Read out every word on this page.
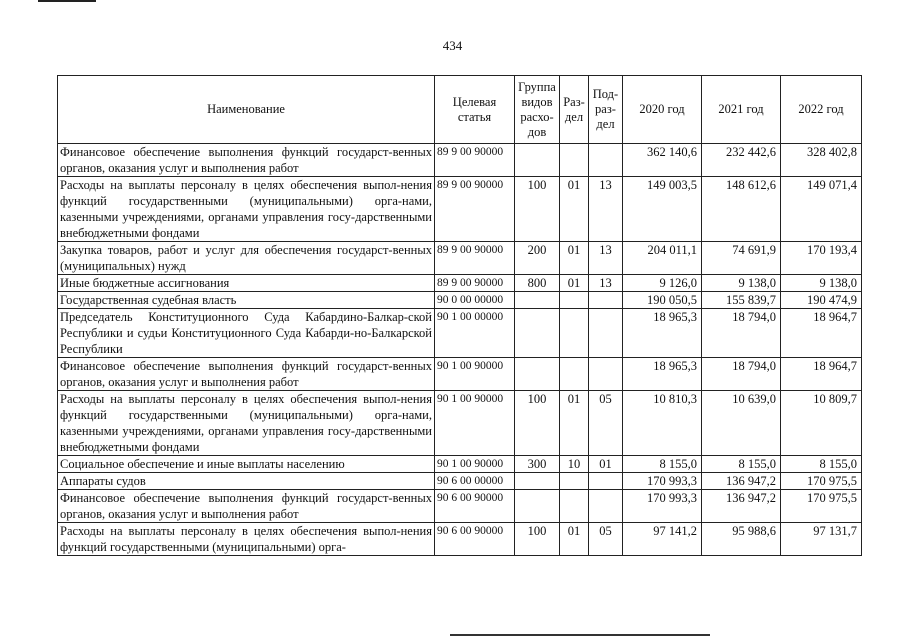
434
Наименование	Целевая статья	Группа видов расхо-дов	Раз-дел	Под-раз-дел	2020 год	2021 год	2022 год
Финансовое обеспечение выполнения функций государст-венных органов, оказания услуг и выполнения работ	89 9 00 90000				362 140,6	232 442,6	328 402,8
Расходы на выплаты персоналу в целях обеспечения выпол-нения функций государственными (муниципальными) орга-нами, казенными учреждениями, органами управления госу-дарственными внебюджетными фондами	89 9 00 90000	100	01	13	149 003,5	148 612,6	149 071,4
Закупка товаров, работ и услуг для обеспечения государст-венных (муниципальных) нужд	89 9 00 90000	200	01	13	204 011,1	74 691,9	170 193,4
Иные бюджетные ассигнования	89 9 00 90000	800	01	13	9 126,0	9 138,0	9 138,0
Государственная судебная власть	90 0 00 00000				190 050,5	155 839,7	190 474,9
Председатель Конституционного Суда Кабардино-Балкар-ской Республики и судьи Конституционного Суда Кабарди-но-Балкарской Республики	90 1 00 00000				18 965,3	18 794,0	18 964,7
Финансовое обеспечение выполнения функций государст-венных органов, оказания услуг и выполнения работ	90 1 00 90000				18 965,3	18 794,0	18 964,7
Расходы на выплаты персоналу в целях обеспечения выпол-нения функций государственными (муниципальными) орга-нами, казенными учреждениями, органами управления госу-дарственными внебюджетными фондами	90 1 00 90000	100	01	05	10 810,3	10 639,0	10 809,7
Социальное обеспечение и иные выплаты населению	90 1 00 90000	300	10	01	8 155,0	8 155,0	8 155,0
Аппараты судов	90 6 00 00000				170 993,3	136 947,2	170 975,5
Финансовое обеспечение выполнения функций государст-венных органов, оказания услуг и выполнения работ	90 6 00 90000				170 993,3	136 947,2	170 975,5
Расходы на выплаты персоналу в целях обеспечения выпол-нения функций государственными (муниципальными) орга-	90 6 00 90000	100	01	05	97 141,2	95 988,6	97 131,7
